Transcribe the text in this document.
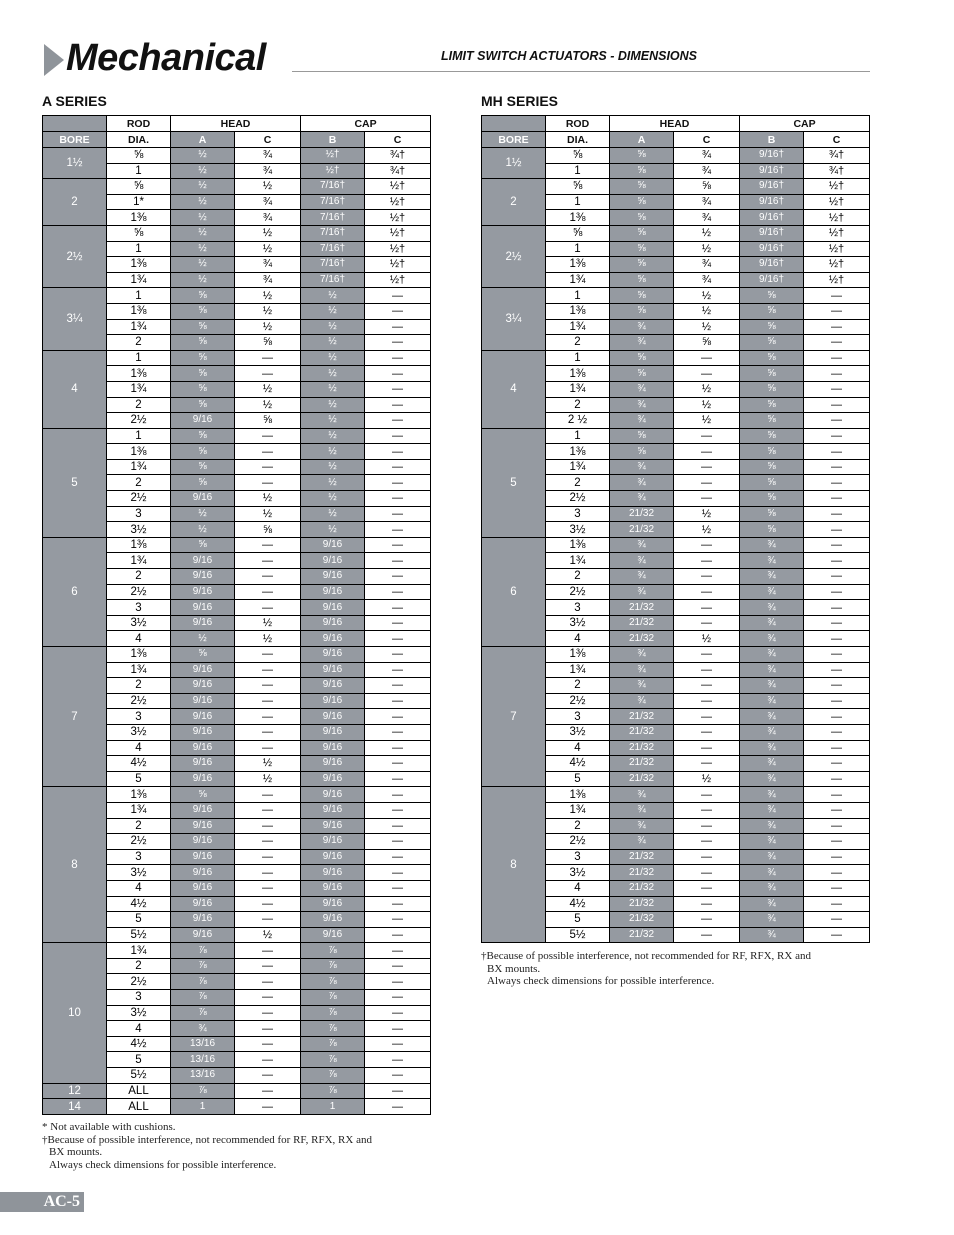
Mechanical	LIMIT SWITCH ACTUATORS - DIMENSIONS
A SERIES	MH SERIES
	ROD	HEAD		CAP	
BORE	DIA.	A	C	B	C
1½	⅝	½	¾	½†	¾†
	1	½	¾	½†	¾†
2	⅝	½	½	7/16†	½†
	1*	½	¾	7/16†	½†
	1⅜	½	¾	7/16†	½†
2½	⅝	½	½	7/16†	½†
	1	½	½	7/16†	½†
	1⅜	½	¾	7/16†	½†
	1¾	½	¾	7/16†	½†
3¼	1	⅝	½	½	—
	1⅜	⅝	½	½	—
	1¾	⅝	½	½	—
	2	⅝	⅝	½	—
4	1	⅝	—	½	—
	1⅜	⅝	—	½	—
	1¾	⅝	½	½	—
	2	⅝	½	½	—
	2½	9/16	⅝	½	—
5	1	⅝	—	½	—
	1⅜	⅝	—	½	—
	1¾	⅝	—	½	—
	2	⅝	—	½	—
	2½	9/16	½	½	—
	3	½	½	½	—
	3½	½	⅝	½	—
6	1⅜	⅝	—	9/16	—
	1¾	9/16	—	9/16	—
	2	9/16	—	9/16	—
	2½	9/16	—	9/16	—
	3	9/16	—	9/16	—
	3½	9/16	½	9/16	—
	4	½	½	9/16	—
7	1⅜	⅝	—	9/16	—
	1¾	9/16	—	9/16	—
	2	9/16	—	9/16	—
	2½	9/16	—	9/16	—
	3	9/16	—	9/16	—
	3½	9/16	—	9/16	—
	4	9/16	—	9/16	—
	4½	9/16	½	9/16	—
	5	9/16	½	9/16	—
8	1⅜	⅝	—	9/16	—
	1¾	9/16	—	9/16	—
	2	9/16	—	9/16	—
	2½	9/16	—	9/16	—
	3	9/16	—	9/16	—
	3½	9/16	—	9/16	—
	4	9/16	—	9/16	—
	4½	9/16	—	9/16	—
	5	9/16	—	9/16	—
	5½	9/16	½	9/16	—
10	1¾	⅞	—	⅞	—
	2	⅞	—	⅞	—
	2½	⅞	—	⅞	—
	3	⅞	—	⅞	—
	3½	⅞	—	⅞	—
	4	¾	—	⅞	—
	4½	13/16	—	⅞	—
	5	13/16	—	⅞	—
	5½	13/16	—	⅞	—
12	ALL	⅞	—	⅞	—
14	ALL	1	—	1	—
	ROD	HEAD		CAP	
BORE	DIA.	A	C	B	C
1½	⅝	⅝	¾	9/16†	¾†
	1	⅝	¾	9/16†	¾†
2	⅝	⅝	⅝	9/16†	½†
	1	⅝	¾	9/16†	½†
	1⅜	⅝	¾	9/16†	½†
2½	⅝	⅝	½	9/16†	½†
	1	⅝	½	9/16†	½†
	1⅜	⅝	¾	9/16†	½†
	1¾	⅝	¾	9/16†	½†
3¼	1	⅝	½	⅝	—
	1⅜	⅝	½	⅝	—
	1¾	¾	½	⅝	—
	2	¾	⅝	⅝	—
4	1	⅝	—	⅝	—
	1⅜	⅝	—	⅝	—
	1¾	¾	½	⅝	—
	2	¾	½	⅝	—
	2 ½	¾	½	⅝	—
5	1	⅝	—	⅝	—
	1⅜	⅝	—	⅝	—
	1¾	¾	—	⅝	—
	2	¾	—	⅝	—
	2½	¾	—	⅝	—
	3	21/32	½	⅝	—
	3½	21/32	½	⅝	—
6	1⅜	¾	—	¾	—
	1¾	¾	—	¾	—
	2	¾	—	¾	—
	2½	¾	—	¾	—
	3	21/32	—	¾	—
	3½	21/32	—	¾	—
	4	21/32	½	¾	—
7	1⅜	¾	—	¾	—
	1¾	¾	—	¾	—
	2	¾	—	¾	—
	2½	¾	—	¾	—
	3	21/32	—	¾	—
	3½	21/32	—	¾	—
	4	21/32	—	¾	—
	4½	21/32	—	¾	—
	5	21/32	½	¾	—
8	1⅜	¾	—	¾	—
	1¾	¾	—	¾	—
	2	¾	—	¾	—
	2½	¾	—	¾	—
	3	21/32	—	¾	—
	3½	21/32	—	¾	—
	4	21/32	—	¾	—
	4½	21/32	—	¾	—
	5	21/32	—	¾	—
	5½	21/32	—	¾	—
* Not available with cushions.
†Because of possible interference, not recommended for RF, RFX, RX and
BX mounts.
Always check dimensions for possible interference.
†Because of possible interference, not recommended for RF, RFX, RX and
BX mounts.
Always check dimensions for possible interference.
AC-5
